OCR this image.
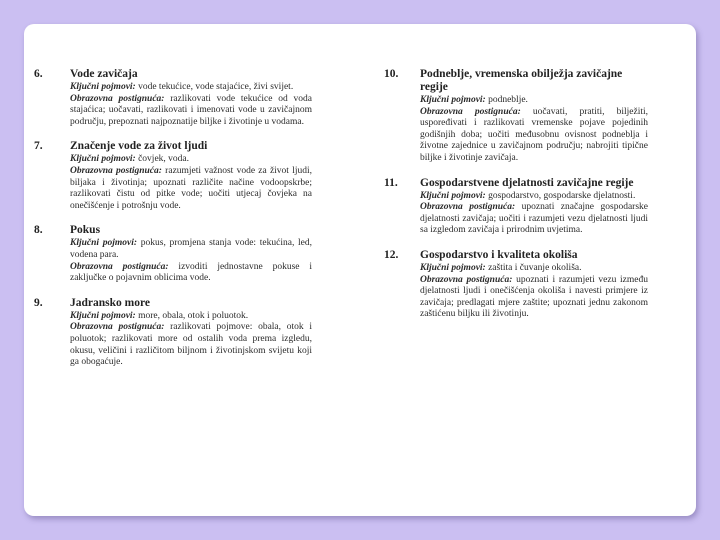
6. Vode zavičaja

Ključni pojmovi: vode tekućice, vode stajaćice, živi svijet.

Obrazovna postignuća: razlikovati vode tekućice od voda stajaćica; uočavati, razlikovati i imenovati vode u zavičajnom području, prepoznati najpoznatije biljke i životinje u vodama.

7. Značenje vode za život ljudi

Ključni pojmovi: čovjek, voda.

Obrazovna postignuća: razumjeti važnost vode za život ljudi, biljaka i životinja; upoznati različite načine vodoopskrbe; razlikovati čistu od pitke vode; uočiti utjecaj čovjeka na onečišćenje i potrošnju vode.

8. Pokus

Ključni pojmovi: pokus, promjena stanja vode: tekućina, led, vodena para.

Obrazovna postignuća: izvoditi jednostavne pokuse i zaključke o pojavnim oblicima vode.

9. Jadransko more

Ključni pojmovi: more, obala, otok i poluotok.

Obrazovna postignuća: razlikovati pojmove: obala, otok i poluotok; razlikovati more od ostalih voda prema izgledu, okusu, veličini i različitom biljnom i životinjskom svijetu koji ga obogaćuje.

10. Podneblje, vremenska obilježja zavičajne regije

Ključni pojmovi: podneblje.

Obrazovna postignuća: uočavati, pratiti, bilježiti, uspoređivati i razlikovati vremenske pojave pojedinih godišnjih doba; uočiti međusobnu ovisnost podneblja i životne zajednice u zavičajnom području; nabrojiti tipične biljke i životinje zavičaja.

11. Gospodarstvene djelatnosti zavičajne regije

Ključni pojmovi: gospodarstvo, gospodarske djelatnosti.

Obrazovna postignuća: upoznati značajne gospodarske djelatnosti zavičaja; uočiti i razumjeti vezu djelatnosti ljudi sa izgledom zavičaja i prirodnim uvjetima.

12. Gospodarstvo i kvaliteta okoliša

Ključni pojmovi: zaštita i čuvanje okoliša.

Obrazovna postignuća: upoznati i razumjeti vezu između djelatnosti ljudi i onečišćenja okoliša i navesti primjere iz zavičaja; predlagati mjere zaštite; upoznati jednu zakonom zaštićenu biljku ili životinju.
